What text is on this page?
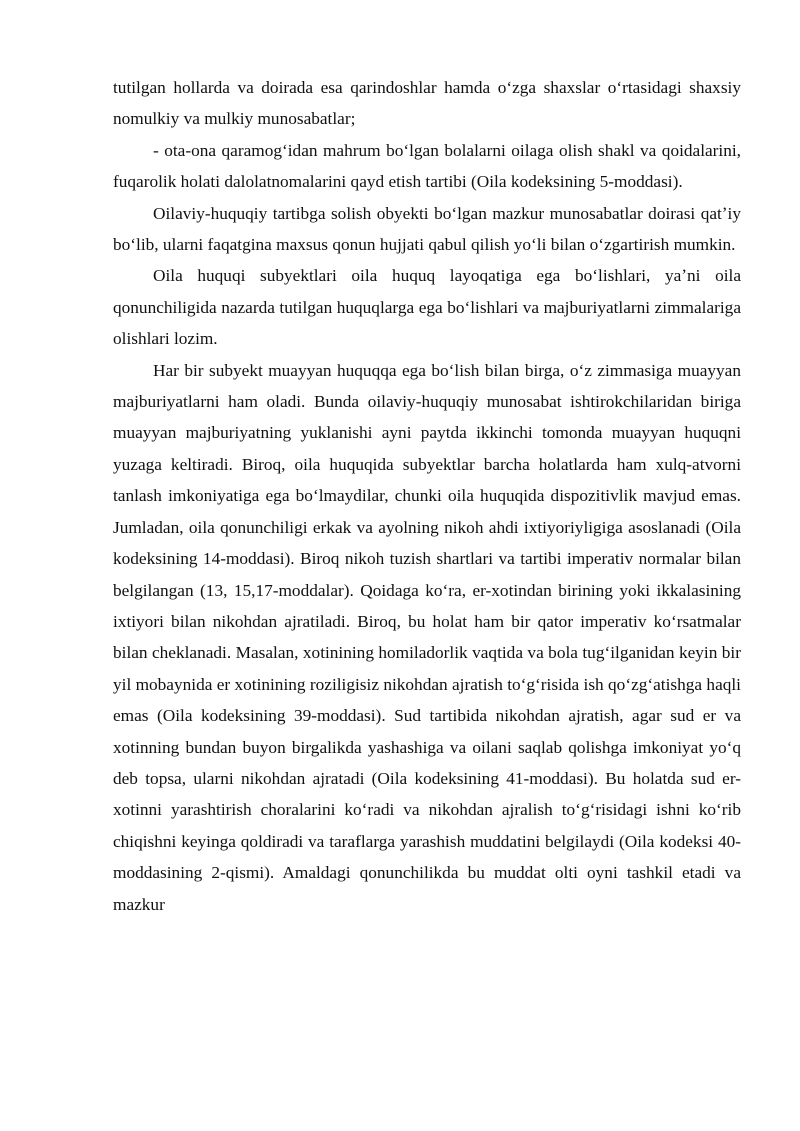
tutilgan hollarda va doirada esa qarindoshlar hamda oʻzga shaxslar oʻrtasidagi shaxsiy nomulkiy va mulkiy munosabatlar;

- ota-ona qaramogʻidan mahrum boʻlgan bolalarni oilaga olish shakl va qoidalarini, fuqarolik holati dalolatnomalarini qayd etish tartibi (Oila kodeksining 5-moddasi).

Oilaviy-huquqiy tartibga solish obyekti boʻlgan mazkur munosabatlar doirasi qatʼiy boʻlib, ularni faqatgina maxsus qonun hujjati qabul qilish yoʻli bilan oʻzgartirish mumkin.

Oila huquqi subyektlari oila huquq layoqatiga ega boʻlishlari, yaʼni oila qonunchiligida nazarda tutilgan huquqlarga ega boʻlishlari va majburiyatlarni zimmalariga olishlari lozim.

Har bir subyekt muayyan huquqqa ega boʻlish bilan birga, oʻz zimmasiga muayyan majburiyatlarni ham oladi. Bunda oilaviy-huquqiy munosabat ishtirokchilaridan biriga muayyan majburiyatning yuklanishi ayni paytda ikkinchi tomonda muayyan huquqni yuzaga keltiradi. Biroq, oila huquqida subyektlar barcha holatlarda ham xulq-atvorni tanlash imkoniyatiga ega boʻlmaydilar, chunki oila huquqida dispozitivlik mavjud emas. Jumladan, oila qonunchiligi erkak va ayolning nikoh ahdi ixtiyoriyligiga asoslanadi (Oila kodeksining 14-moddasi). Biroq nikoh tuzish shartlari va tartibi imperativ normalar bilan belgilangan (13, 15,17-moddalar). Qoidaga koʻra, er-xotindan birining yoki ikkalasining ixtiyori bilan nikohdan ajratiladi. Biroq, bu holat ham bir qator imperativ koʻrsatmalar bilan cheklanadi. Masalan, xotinining homiladorlik vaqtida va bola tugʻilganidan keyin bir yil mobaynida er xotinining roziligisiz nikohdan ajratish toʻgʻrisida ish qoʻzgʻatishga haqli emas (Oila kodeksining 39-moddasi). Sud tartibida nikohdan ajratish, agar sud er va xotinning bundan buyon birgalikda yashashiga va oilani saqlab qolishga imkoniyat yoʻq deb topsa, ularni nikohdan ajratadi (Oila kodeksining 41-moddasi). Bu holatda sud er-xotinni yarashtirish choralarini koʻradi va nikohdan ajralish toʻgʻrisidagi ishni koʻrib chiqishni keyinga qoldiradi va taraflarga yarashish muddatini belgilaydi (Oila kodeksi 40-moddasining 2-qismi). Amaldagi qonunchilikda bu muddat olti oyni tashkil etadi va mazkur
